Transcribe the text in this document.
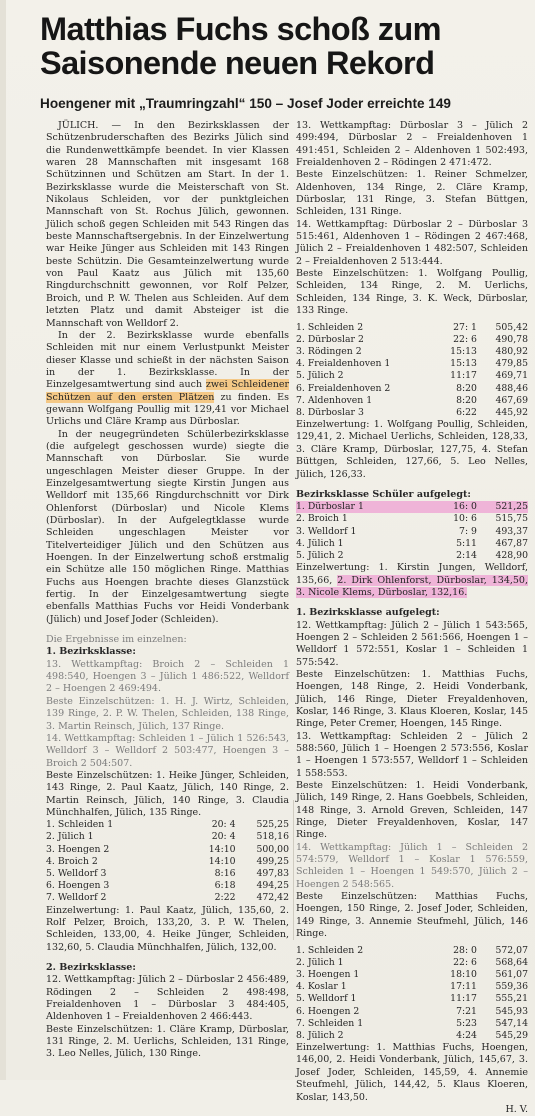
Matthias Fuchs schoß zum Saisonende neuen Rekord
Hoengener mit „Traumringzahl“ 150 – Josef Joder erreichte 149

JÜLICH. — In den Bezirksklassen der Schützenbruderschaften des Bezirks Jülich sind die Rundenwettkämpfe beendet. In vier Klassen waren 28 Mannschaften mit insgesamt 168 Schützinnen und Schützen am Start. In der 1. Bezirksklasse wurde die Meisterschaft von St. Nikolaus Schleiden, vor der punktgleichen Mannschaft von St. Rochus Jülich, gewonnen. Jülich schoß gegen Schleiden mit 543 Ringen das beste Mannschaftsergebnis. In der Einzelwertung war Heike Jünger aus Schleiden mit 143 Ringen beste Schützin. Die Gesamteinzelwertung wurde von Paul Kaatz aus Jülich mit 135,60 Ringdurchschnitt gewonnen, vor Rolf Pelzer, Broich, und P. W. Thelen aus Schleiden. Auf dem letzten Platz und damit Absteiger ist die Mannschaft von Welldorf 2.

In der 2. Bezirksklasse wurde ebenfalls Schleiden mit nur einem Verlustpunkt Meister dieser Klasse und schießt in der nächsten Saison in der 1. Bezirksklasse. In der Einzelgesamtwertung sind auch zwei Schleidener Schützen auf den ersten Plätzen zu finden. Es gewann Wolfgang Poullig mit 129,41 vor Michael Urlichs und Cläre Kramp aus Dürboslar.

In der neugegründeten Schülerbezirksklasse (die aufgelegt geschossen wurde) siegte die Mannschaft von Dürboslar. Sie wurde ungeschlagen Meister dieser Gruppe. In der Einzelgesamtwertung siegte Kirstin Jungen aus Welldorf mit 135,66 Ringdurchschnitt vor Dirk Ohlenforst (Dürboslar) und Nicole Klems (Dürboslar). In der Aufgelegtklasse wurde Schleiden ungeschlagen Meister vor Titelverteidiger Jülich und den Schützen aus Hoengen. In der Einzelwertung schoß erstmalig ein Schütze alle 150 möglichen Ringe. Matthias Fuchs aus Hoengen brachte dieses Glanzstück fertig. In der Einzelgesamtwertung siegte ebenfalls Matthias Fuchs vor Heidi Vonderbank (Jülich) und Josef Joder (Schleiden).

Die Ergebnisse im einzelnen:

1. Bezirksklasse:

13. Wettkampftag: Broich 2 – Schleiden 1 498:540, Hoengen 3 – Jülich 1 486:522, Welldorf 2 – Hoengen 2 469:494.

Beste Einzelschützen: 1. H. J. Wirtz, Schleiden, 139 Ringe, 2. P. W. Thelen, Schleiden, 138 Ringe, 3. Martin Reinsch, Jülich, 137 Ringe.

14. Wettkampftag: Schleiden 1 – Jülich 1 526:543, Welldorf 3 – Welldorf 2 503:477, Hoengen 3 – Broich 2 504:507.

Beste Einzelschützen: 1. Heike Jünger, Schleiden, 143 Ringe, 2. Paul Kaatz, Jülich, 140 Ringe, 2. Martin Reinsch, Jülich, 140 Ringe, 3. Claudia Münchhalfen, Jülich, 135 Ringe.

1. Schleiden 1	20: 4	525,25
2. Jülich 1	20: 4	518,16
3. Hoengen 2	14:10	500,00
4. Broich 2	14:10	499,25
5. Welldorf 3	8:16	497,83
6. Hoengen 3	6:18	494,25
7. Welldorf 2	2:22	472,42

Einzelwertung: 1. Paul Kaatz, Jülich, 135,60, 2. Rolf Pelzer, Broich, 133,20, 3. P. W. Thelen, Schleiden, 133,00, 4. Heike Jünger, Schleiden, 132,60, 5. Claudia Münchhalfen, Jülich, 132,00.

2. Bezirksklasse:

12. Wettkampftag: Jülich 2 – Dürboslar 2 456:489, Rödingen 2 – Schleiden 2 498:498, Freialdenhoven 1 – Dürboslar 3 484:405, Aldenhoven 1 – Freialdenhoven 2 466:443.

Beste Einzelschützen: 1. Cläre Kramp, Dürboslar, 131 Ringe, 2. M. Uerlichs, Schleiden, 131 Ringe, 3. Leo Nelles, Jülich, 130 Ringe.

13. Wettkampftag: Dürboslar 3 – Jülich 2 499:494, Dürboslar 2 – Freialdenhoven 1 491:451, Schleiden 2 – Aldenhoven 1 502:493, Freialdenhoven 2 – Rödingen 2 471:472.

Beste Einzelschützen: 1. Reiner Schmelzer, Aldenhoven, 134 Ringe, 2. Cläre Kramp, Dürboslar, 131 Ringe, 3. Stefan Büttgen, Schleiden, 131 Ringe.

14. Wettkampftag: Dürboslar 2 – Dürboslar 3 515:461, Aldenhoven 1 – Rödingen 2 467:468, Jülich 2 – Freialdenhoven 1 482:507, Schleiden 2 – Freialdenhoven 2 513:444.

Beste Einzelschützen: 1. Wolfgang Poullig, Schleiden, 134 Ringe, 2. M. Uerlichs, Schleiden, 134 Ringe, 3. K. Weck, Dürboslar, 133 Ringe.

1. Schleiden 2	27: 1	505,42
2. Dürboslar 2	22: 6	490,78
3. Rödingen 2	15:13	480,92
4. Freialdenhoven 1	15:13	479,85
5. Jülich 2	11:17	469,71
6. Freialdenhoven 2	8:20	488,46
7. Aldenhoven 1	8:20	467,69
8. Dürboslar 3	6:22	445,92

Einzelwertung: 1. Wolfgang Poullig, Schleiden, 129,41, 2. Michael Uerlichs, Schleiden, 128,33, 3. Cläre Kramp, Dürboslar, 127,75, 4. Stefan Büttgen, Schleiden, 127,66, 5. Leo Nelles, Jülich, 126,33.

Bezirksklasse Schüler aufgelegt:

1. Dürboslar 1	16: 0	521,25
2. Broich 1	10: 6	515,75
3. Welldorf 1	7: 9	493,37
4. Jülich 1	5:11	467,87
5. Jülich 2	2:14	428,90

Einzelwertung: 1. Kirstin Jungen, Welldorf, 135,66, 2. Dirk Ohlenforst, Dürboslar, 134,50, 3. Nicole Klems, Dürboslar, 132,16.

1. Bezirksklasse aufgelegt:

12. Wettkampftag: Jülich 2 – Jülich 1 543:565, Hoengen 2 – Schleiden 2 561:566, Hoengen 1 – Welldorf 1 572:551, Koslar 1 – Schleiden 1 575:542.

Beste Einzelschützen: 1. Matthias Fuchs, Hoengen, 148 Ringe, 2. Heidi Vonderbank, Jülich, 146 Ringe, Dieter Freyaldenhoven, Koslar, 146 Ringe, 3. Klaus Kloeren, Koslar, 145 Ringe, Peter Cremer, Hoengen, 145 Ringe.

13. Wettkampftag: Schleiden 2 – Jülich 2 588:560, Jülich 1 – Hoengen 2 573:556, Koslar 1 – Hoengen 1 573:557, Welldorf 1 – Schleiden 1 558:553.

Beste Einzelschützen: 1. Heidi Vonderbank, Jülich, 149 Ringe, 2. Hans Goebbels, Schleiden, 148 Ringe, 3. Arnold Greven, Schleiden, 147 Ringe, Dieter Freyaldenhoven, Koslar, 147 Ringe.

14. Wettkampftag: Jülich 1 – Schleiden 2 574:579, Welldorf 1 – Koslar 1 576:559, Schleiden 1 – Hoengen 1 549:570, Jülich 2 – Hoengen 2 548:565.

Beste Einzelschützen: Matthias Fuchs, Hoengen, 150 Ringe, 2. Josef Joder, Schleiden, 149 Ringe, 3. Annemie Steufmehl, Jülich, 146 Ringe.

1. Schleiden 2	28: 0	572,07
2. Jülich 1	22: 6	568,64
3. Hoengen 1	18:10	561,07
4. Koslar 1	17:11	559,36
5. Welldorf 1	11:17	555,21
6. Hoengen 2	7:21	545,93
7. Schleiden 1	5:23	547,14
8. Jülich 2	4:24	545,29

Einzelwertung: 1. Matthias Fuchs, Hoengen, 146,00, 2. Heidi Vonderbank, Jülich, 145,67, 3. Josef Joder, Schleiden, 145,59, 4. Annemie Steufmehl, Jülich, 144,42, 5. Klaus Kloeren, Koslar, 143,50.

H. V.
